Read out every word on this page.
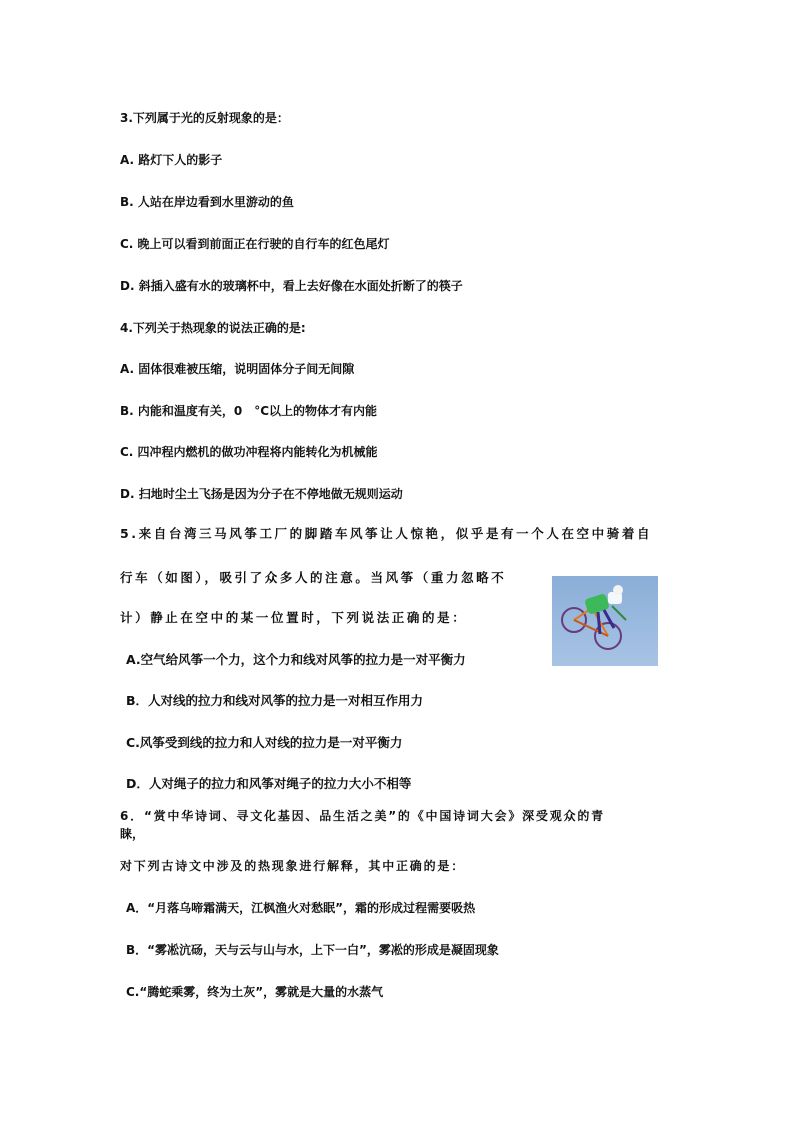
3.下列属于光的反射现象的是：

A. 路灯下人的影子

B. 人站在岸边看到水里游动的鱼

C. 晚上可以看到前面正在行驶的自行车的红色尾灯

D. 斜插入盛有水的玻璃杯中，看上去好像在水面处折断了的筷子

4.下列关于热现象的说法正确的是:

A. 固体很难被压缩，说明固体分子间无间隙

B. 内能和温度有关，0　°C以上的物体才有内能

C. 四冲程内燃机的做功冲程将内能转化为机械能

D. 扫地时尘土飞扬是因为分子在不停地做无规则运动

5.来自台湾三马风筝工厂的脚踏车风筝让人惊艳，似乎是有一个人在空中骑着自

行车（如图），吸引了众多人的注意。当风筝（重力忽略不

计）静止在空中的某一位置时，下列说法正确的是：

A.空气给风筝一个力，这个力和线对风筝的拉力是一对平衡力

B．人对线的拉力和线对风筝的拉力是一对相互作用力

C.风筝受到线的拉力和人对线的拉力是一对平衡力

D．人对绳子的拉力和风筝对绳子的拉力大小不相等

6．“赏中华诗词、寻文化基因、品生活之美”的《中国诗词大会》深受观众的青

睐，

对下列古诗文中涉及的热现象进行解释，其中正确的是：

A．“月落乌啼霜满天，江枫渔火对愁眠”，霜的形成过程需要吸热

B．“雾凇沆砀，天与云与山与水，上下一白”，雾凇的形成是凝固现象

C.“腾蛇乘雾，终为土灰”，雾就是大量的水蒸气
